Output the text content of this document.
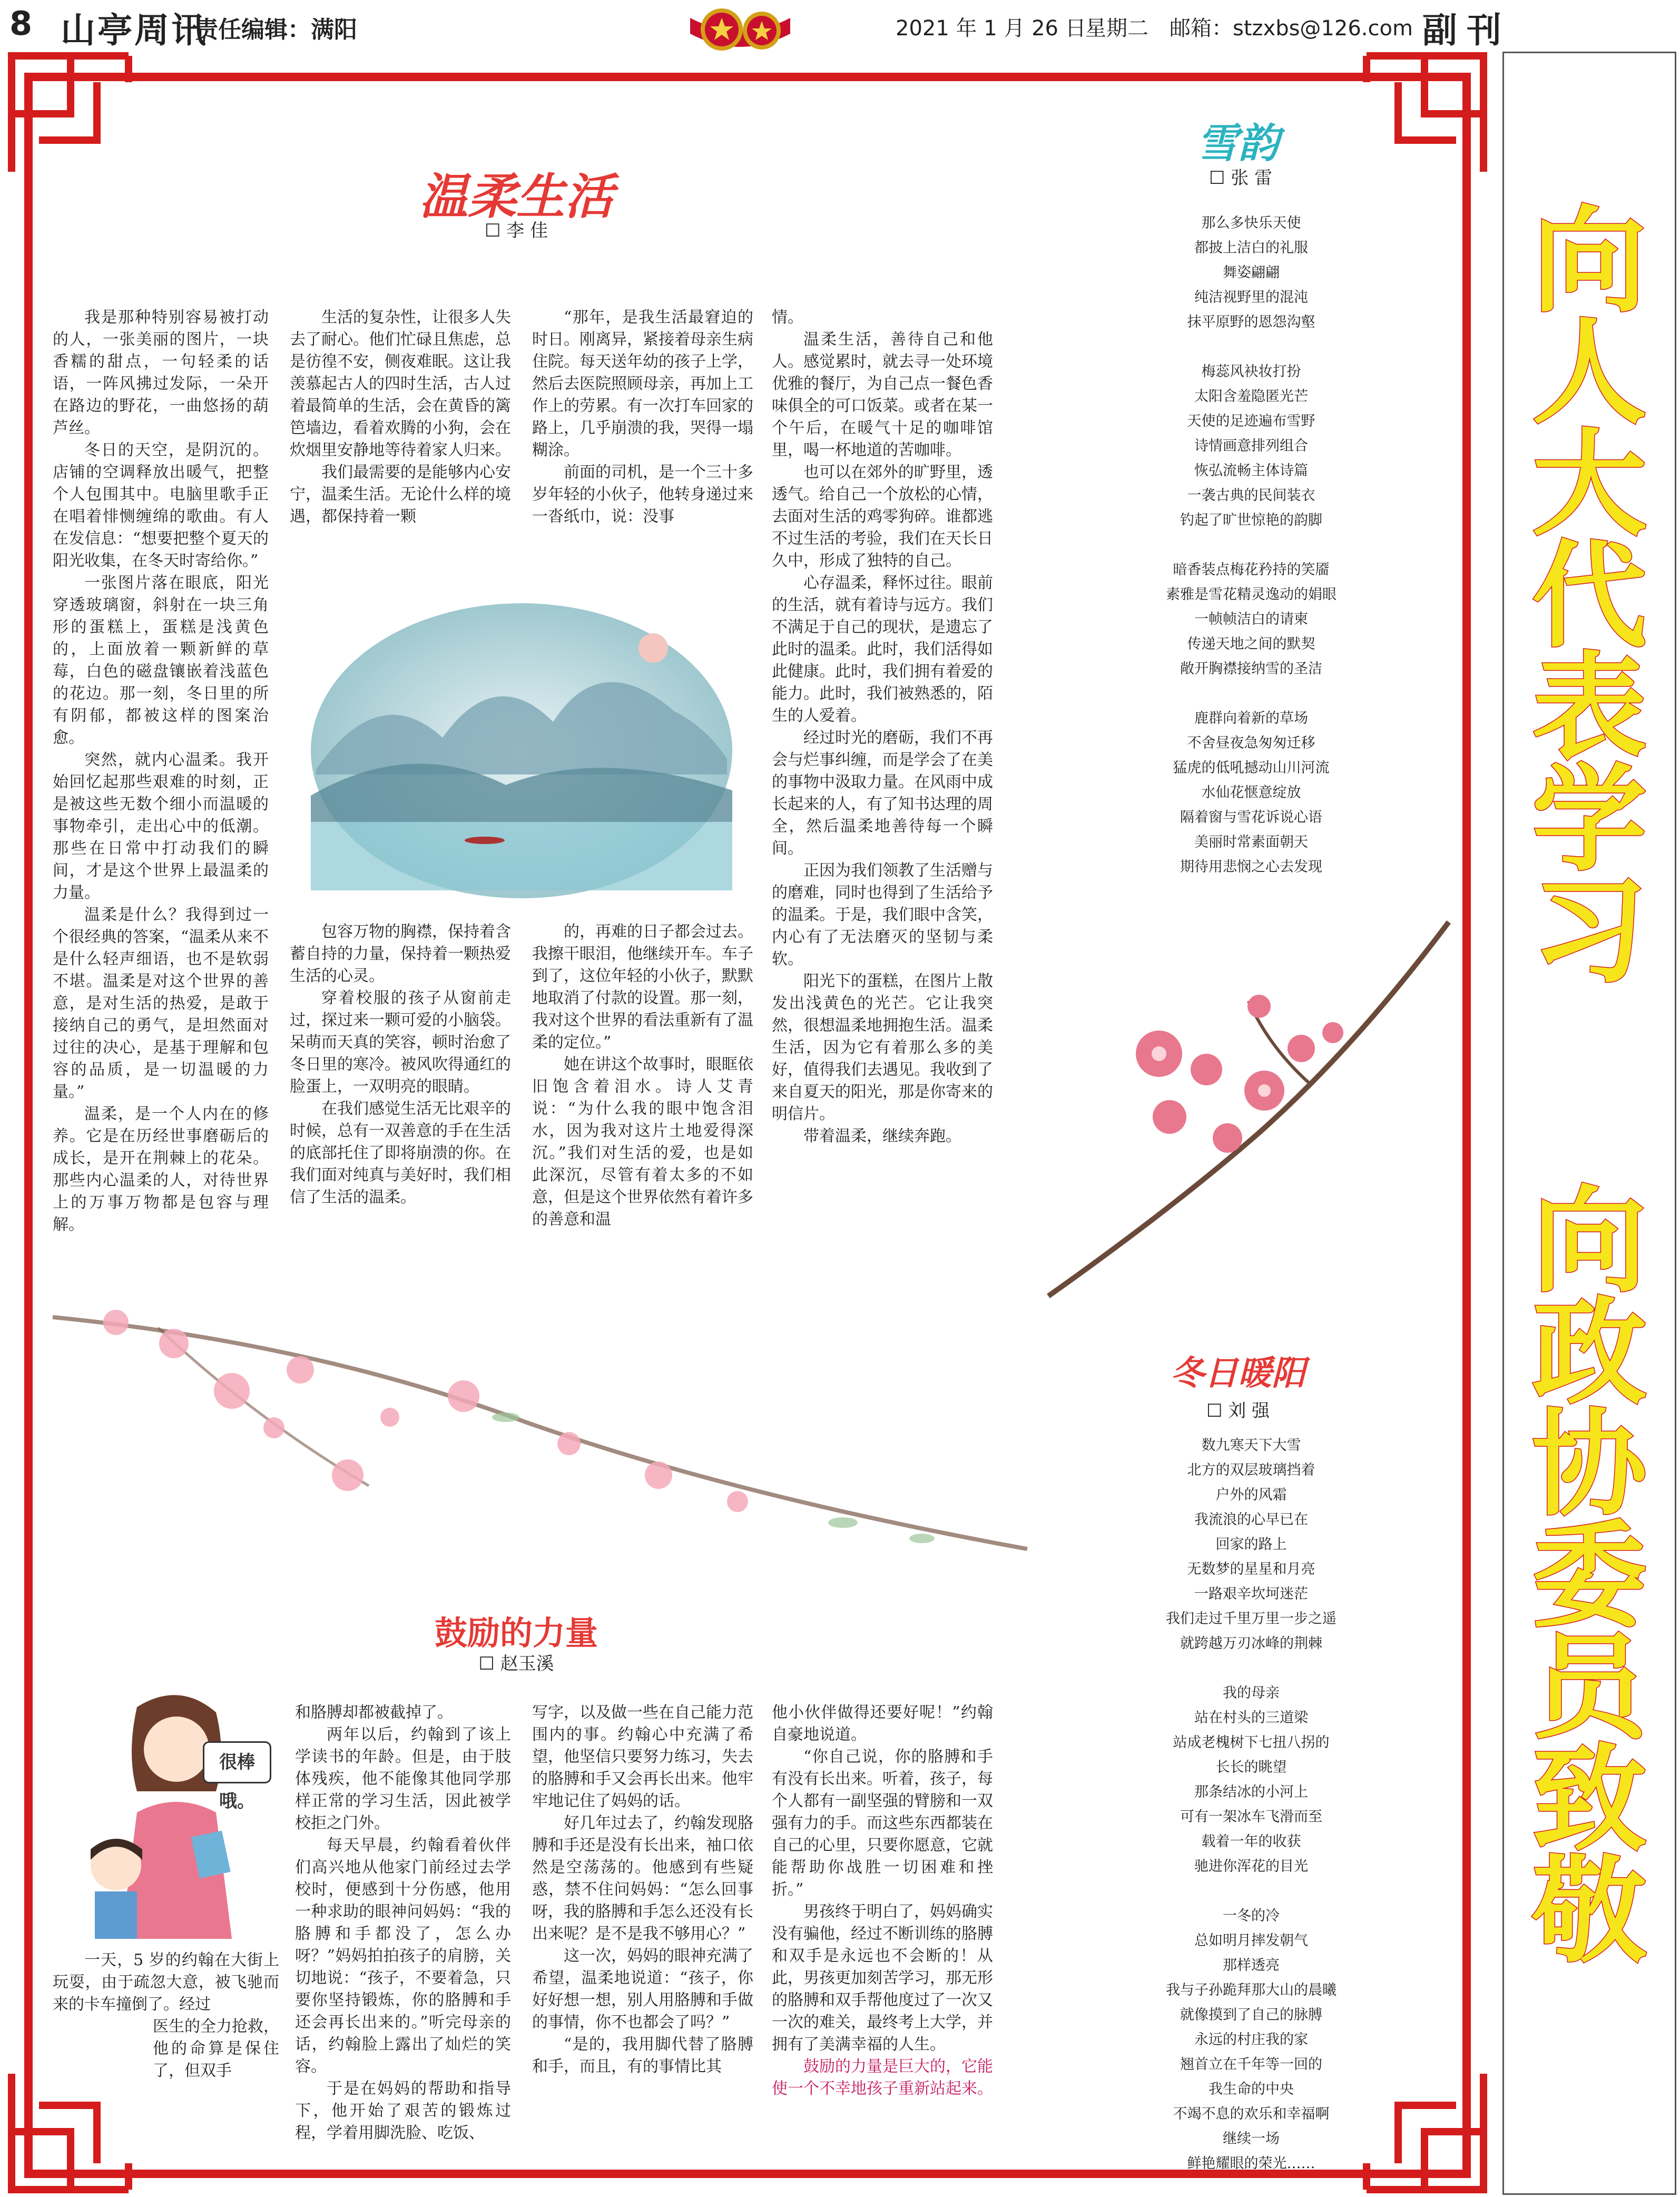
8 山亭周讯
责任编辑：满阳	2021 年 1 月 26 日
星期二 邮箱：stzxbs@126.com 副刊
向人大代表学习
向政协委员致敬
温柔生活
☐ 李 佳

我是那种特别容易被打动的人，一张美丽的图片，一块香糯的甜点，一句轻柔的话语，一阵风拂过发际，一朵开在路边的野花，一曲悠扬的葫芦丝。

冬日的天空，是阴沉的。店铺的空调释放出暖气，把整个人包围其中。电脑里歌手正在唱着悱恻缠绵的歌曲。有人在发信息：“想要把整个夏天的阳光收集，在冬天时寄给你。”

一张图片落在眼底，阳光穿透玻璃窗，斜射在一块三角形的蛋糕上，蛋糕是浅黄色的，上面放着一颗新鲜的草莓，白色的磁盘镶嵌着浅蓝色的花边。那一刻，冬日里的所有阴郁，都被这样的图案治愈。

突然，就内心温柔。我开始回忆起那些艰难的时刻，正是被这些无数个细小而温暖的事物牵引，走出心中的低潮。那些在日常中打动我们的瞬间，才是这个世界上最温柔的力量。

温柔是什么？我得到过一个很经典的答案，“温柔从来不是什么轻声细语，也不是软弱不堪。温柔是对这个世界的善意，是对生活的热爱，是敢于接纳自己的勇气，是坦然面对过往的决心，是基于理解和包容的品质，是一切温暖的力量。”

温柔，是一个人内在的修养。它是在历经世事磨砺后的成长，是开在荆棘上的花朵。那些内心温柔的人，对待世界上的万事万物都是包容与理解。

生活的复杂性，让很多人失去了耐心。他们忙碌且焦虑，总是彷徨不安，侧夜难眠。这让我羡慕起古人的四时生活，古人过着最简单的生活，会在黄昏的篱笆墙边，看着欢腾的小狗，会在炊烟里安静地等待着家人归来。

我们最需要的是能够内心安宁，温柔生活。无论什么样的境遇，都保持着一颗

“那年，是我生活最窘迫的时日。刚离异，紧接着母亲生病住院。每天送年幼的孩子上学，然后去医院照顾母亲，再加上工作上的劳累。有一次打车回家的路上，几乎崩溃的我，哭得一塌糊涂。

前面的司机，是一个三十多岁年轻的小伙子，他转身递过来一沓纸巾，说：没事

包容万物的胸襟，保持着含蓄自持的力量，保持着一颗热爱生活的心灵。

穿着校服的孩子从窗前走过，探过来一颗可爱的小脑袋。呆萌而天真的笑容，顿时治愈了冬日里的寒冷。被风吹得通红的脸蛋上，一双明亮的眼睛。

在我们感觉生活无比艰辛的时候，总有一双善意的手在生活的底部托住了即将崩溃的你。在我们面对纯真与美好时，我们相信了生活的温柔。

的，再难的日子都会过去。我擦干眼泪，他继续开车。车子到了，这位年轻的小伙子，默默地取消了付款的设置。那一刻，我对这个世界的看法重新有了温柔的定位。”

她在讲这个故事时，眼眶依旧饱含着泪水。诗人艾青说：“为什么我的眼中饱含泪水，因为我对这片土地爱得深沉。”我们对生活的爱，也是如此深沉，尽管有着太多的不如意，但是这个世界依然有着许多的善意和温

情。

温柔生活，善待自己和他人。感觉累时，就去寻一处环境优雅的餐厅，为自己点一餐色香味俱全的可口饭菜。或者在某一个午后，在暖气十足的咖啡馆里，喝一杯地道的苦咖啡。

也可以在郊外的旷野里，透透气。给自己一个放松的心情，去面对生活的鸡零狗碎。谁都逃不过生活的考验，我们在天长日久中，形成了独特的自己。

心存温柔，释怀过往。眼前的生活，就有着诗与远方。我们不满足于自己的现状，是遗忘了此时的温柔。此时，我们活得如此健康。此时，我们拥有着爱的能力。此时，我们被熟悉的，陌生的人爱着。

经过时光的磨砺，我们不再会与烂事纠缠，而是学会了在美的事物中汲取力量。在风雨中成长起来的人，有了知书达理的周全，然后温柔地善待每一个瞬间。

正因为我们领教了生活赠与的磨难，同时也得到了生活给予的温柔。于是，我们眼中含笑，内心有了无法磨灭的坚韧与柔软。

阳光下的蛋糕，在图片上散发出浅黄色的光芒。它让我突然，很想温柔地拥抱生活。温柔生活，因为它有着那么多的美好，值得我们去遇见。我收到了来自夏天的阳光，那是你寄来的明信片。

带着温柔，继续奔跑。

鼓励的力量
☐ 赵玉溪
很棒哦。

一天，5 岁的约翰在大街上玩耍，由于疏忽大意，被飞驰而来的卡车撞倒了。经过

医生的全力抢救，他的命算是保住了，但双手

和胳膊却都被截掉了。

两年以后，约翰到了该上学读书的年龄。但是，由于肢体残疾，他不能像其他同学那样正常的学习生活，因此被学校拒之门外。

每天早晨，约翰看着伙伴们高兴地从他家门前经过去学校时，便感到十分伤感，他用一种求助的眼神问妈妈：“我的胳膊和手都没了，怎么办呀？”妈妈拍拍孩子的肩膀，关切地说：“孩子，不要着急，只要你坚持锻炼，你的胳膊和手还会再长出来的。”听完母亲的话，约翰脸上露出了灿烂的笑容。

于是在妈妈的帮助和指导下，他开始了艰苦的锻炼过程，学着用脚洗脸、吃饭、

写字，以及做一些在自己能力范围内的事。约翰心中充满了希望，他坚信只要努力练习，失去的胳膊和手又会再长出来。他牢牢地记住了妈妈的话。

好几年过去了，约翰发现胳膊和手还是没有长出来，袖口依然是空荡荡的。他感到有些疑惑，禁不住问妈妈：“怎么回事呀，我的胳膊和手怎么还没有长出来呢？是不是我不够用心？”

这一次，妈妈的眼神充满了希望，温柔地说道：“孩子，你好好想一想，别人用胳膊和手做的事情，你不也都会了吗？”

“是的，我用脚代替了胳膊和手，而且，有的事情比其

他小伙伴做得还要好呢！”约翰自豪地说道。

“你自己说，你的胳膊和手有没有长出来。听着，孩子，每个人都有一副坚强的臂膀和一双强有力的手。而这些东西都装在自己的心里，只要你愿意，它就能帮助你战胜一切困难和挫折。”

男孩终于明白了，妈妈确实没有骗他，经过不断训练的胳膊和双手是永远也不会断的！从此，男孩更加刻苦学习，那无形的胳膊和双手帮他度过了一次又一次的难关，最终考上大学，并拥有了美满幸福的人生。

鼓励的力量是巨大的，它能使一个不幸地孩子重新站起来。

雪韵
☐ 张 雷
那么多快乐天使
都披上洁白的礼服
舞姿翩翩
纯洁视野里的混沌
抹平原野的恩怨沟壑
梅蕊风袂妆打扮
太阳含羞隐匿光芒
天使的足迹遍布雪野
诗情画意排列组合
恢弘流畅主体诗篇
一袭古典的民间装衣
钓起了旷世惊艳的韵脚
暗香装点梅花矜持的笑靥
素雅是雪花精灵逸动的娟眼
一帧帧洁白的请柬
传递天地之间的默契
敞开胸襟接纳雪的圣洁
鹿群向着新的草场
不舍昼夜急匆匆迁移
猛虎的低吼撼动山川河流
水仙花惬意绽放
隔着窗与雪花诉说心语
美丽时常素面朝天
期待用悲悯之心去发现
冬日暖阳
☐ 刘 强
数九寒天下大雪
北方的双层玻璃挡着
户外的风霜
我流浪的心早已在
回家的路上
无数梦的星星和月亮
一路艰辛坎坷迷茫
我们走过千里万里一步之遥
就跨越万刃冰峰的荆棘
我的母亲
站在村头的三道梁
站成老槐树下七扭八拐的
长长的眺望
那条结冰的小河上
可有一架冰车飞滑而至
载着一年的收获
驰进你浑花的目光
一冬的冷
总如明月摔发朝气
那样透亮
我与子孙跪拜那大山的晨曦
就像摸到了自己的脉膊
永远的村庄我的家
翘首立在千年等一回的
我生命的中央
不竭不息的欢乐和幸福啊
继续一场
鲜艳耀眼的荣光……
